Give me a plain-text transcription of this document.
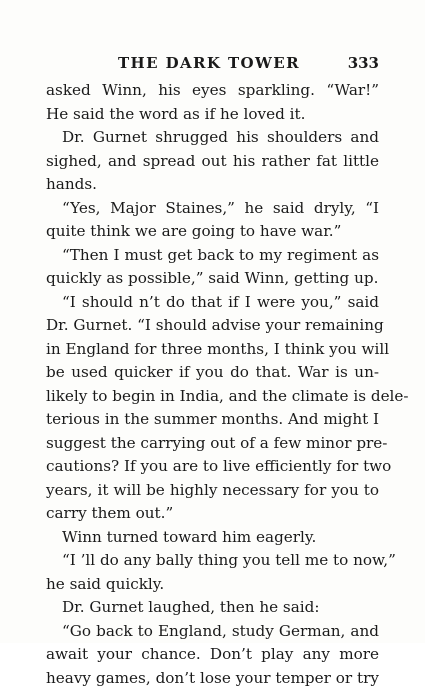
THE DARK TOWER	333
asked Winn, his eyes sparkling. “War!”
He said the word as if he loved it.
Dr. Gurnet shrugged his shoulders and
sighed, and spread out his rather fat little
hands.
“Yes, Major Staines,” he said dryly, “I
quite think we are going to have war.”
“Then I must get back to my regiment as
quickly as possible,” said Winn, getting up.
“I should n’t do that if I were you,” said
Dr. Gurnet. “I should advise your remaining
in England for three months, I think you will
be used quicker if you do that. War is un-
likely to begin in India, and the climate is dele-
terious in the summer months. And might I
suggest the carrying out of a few minor pre-
cautions? If you are to live efficiently for two
years, it will be highly necessary for you to
carry them out.”
Winn turned toward him eagerly.
“I ’ll do any bally thing you tell me to now,”
he said quickly.
Dr. Gurnet laughed, then he said:
“Go back to England, study German, and
await your chance. Don’t play any more
heavy games, don’t lose your temper or try
